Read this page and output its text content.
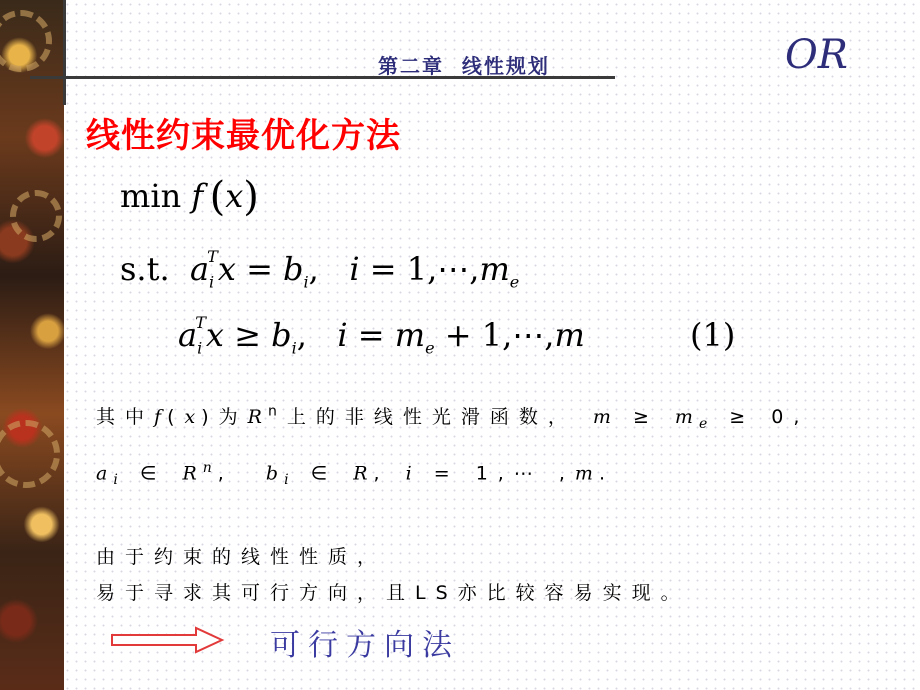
第二章  线性规划	OR
线性约束最优化方法
min f  (x)
s.t.  $a_i^Tx = b_i$,   $i = 1,\cdots,m_e$
$a_i^Tx \ge b_i$,   $i = m_e$ + 1,⋯,m	(1)
其中f(x)为$R^n$上的非线性光滑函数， $m \ge m_e \ge 0$,
$a_i$ ∈ $R^n$,  $b_i$ ∈ R, i = 1,⋯ ,m.
由于约束的线性性质，
易于寻求其可行方向，且LS亦比较容易实现。
可行方向法
